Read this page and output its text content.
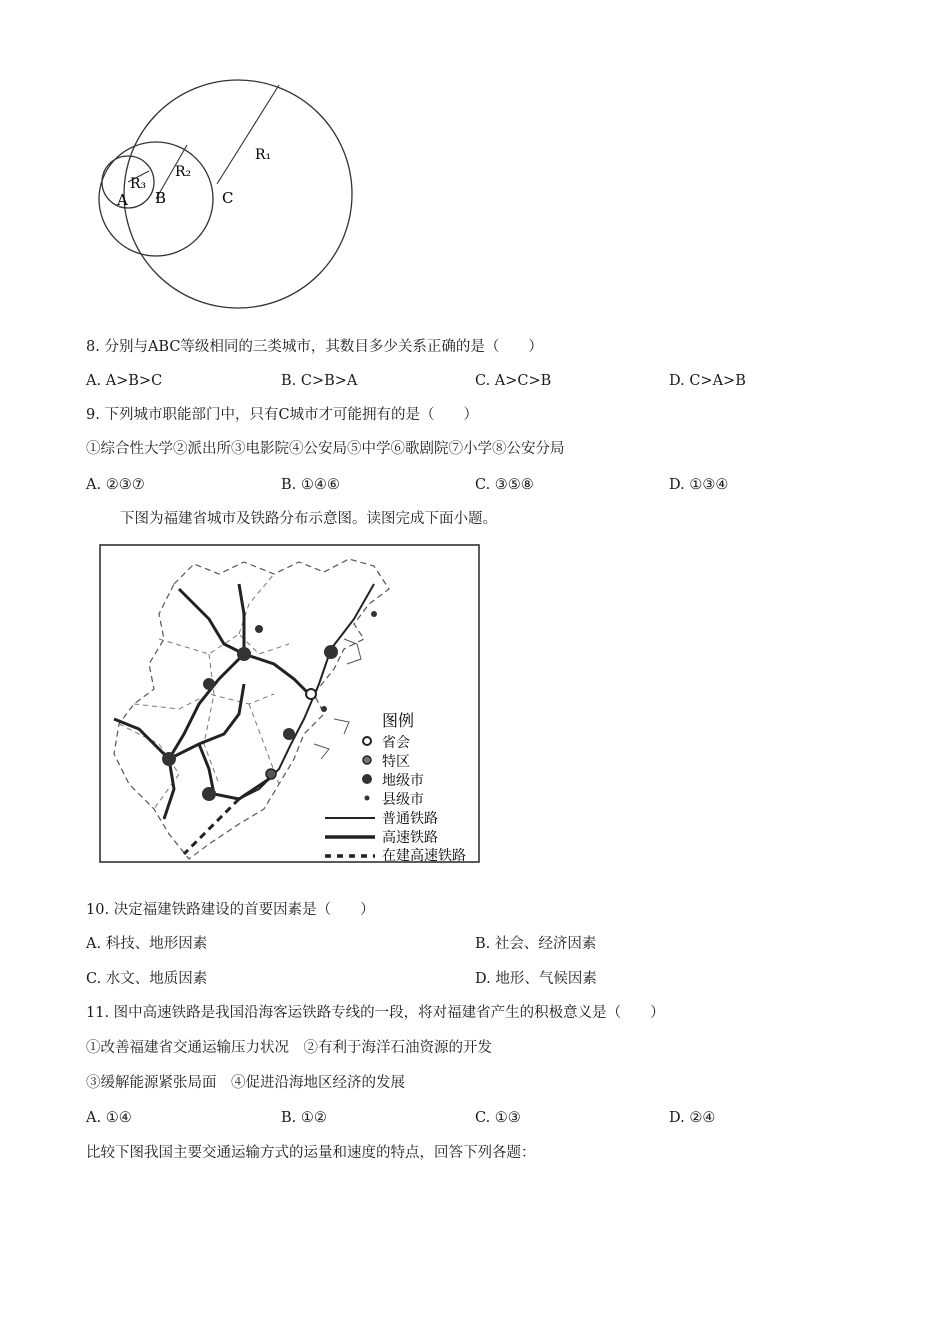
R₁
R₂
R₃
A B	C
8. 分别与ABC等级相同的三类城市，其数目多少关系正确的是（　　）
A. A>B>C	B. C>B>A	C. A>C>B	D. C>A>B
9. 下列城市职能部门中，只有C城市才可能拥有的是（　　）
①综合性大学②派出所③电影院④公安局⑤中学⑥歌剧院⑦小学⑧公安分局
A. ②③⑦	B. ①④⑥	C. ③⑤⑧	D. ①③④
下图为福建省城市及铁路分布示意图。读图完成下面小题。
图例
省会
特区
地级市
县级市
普通铁路
高速铁路
在建高速铁路
10. 决定福建铁路建设的首要因素是（　　）
A. 科技、地形因素	B. 社会、经济因素
C. 水文、地质因素	D. 地形、气候因素
11. 图中高速铁路是我国沿海客运铁路专线的一段，将对福建省产生的积极意义是（　　）
①改善福建省交通运输压力状况　②有利于海洋石油资源的开发
③缓解能源紧张局面　④促进沿海地区经济的发展
A. ①④	B. ①②	C. ①③	D. ②④
比较下图我国主要交通运输方式的运量和速度的特点，回答下列各题：
